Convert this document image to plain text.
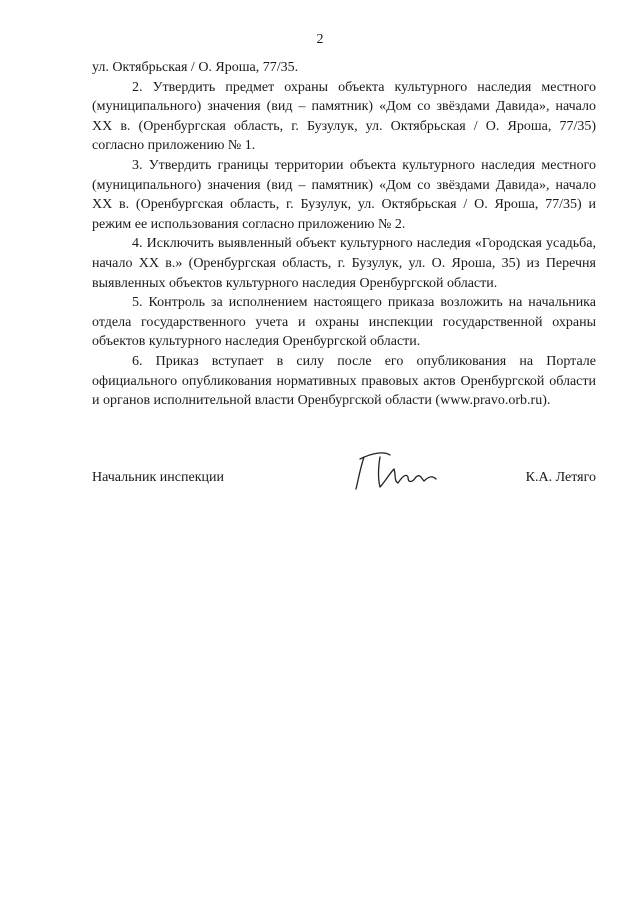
2

ул. Октябрьская / О. Яроша, 77/35.

2. Утвердить предмет охраны объекта культурного наследия местного (муниципального) значения (вид – памятник) «Дом со звёздами Давида», начало XX в. (Оренбургская область, г. Бузулук, ул. Октябрьская / О. Яроша, 77/35) согласно приложению № 1.

3. Утвердить границы территории объекта культурного наследия местного (муниципального) значения (вид – памятник) «Дом со звёздами Давида», начало XX в. (Оренбургская область, г. Бузулук, ул. Октябрьская / О. Яроша, 77/35) и режим ее использования согласно приложению № 2.

4. Исключить выявленный объект культурного наследия «Городская усадьба, начало XX в.» (Оренбургская область, г. Бузулук, ул. О. Яроша, 35) из Перечня выявленных объектов культурного наследия Оренбургской области.

5. Контроль за исполнением настоящего приказа возложить на начальника отдела государственного учета и охраны инспекции государственной охраны объектов культурного наследия Оренбургской области.

6. Приказ вступает в силу после его опубликования на Портале официального опубликования нормативных правовых актов Оренбургской области и органов исполнительной власти Оренбургской области (www.pravo.orb.ru).

Начальник инспекции	К.А. Летяго
